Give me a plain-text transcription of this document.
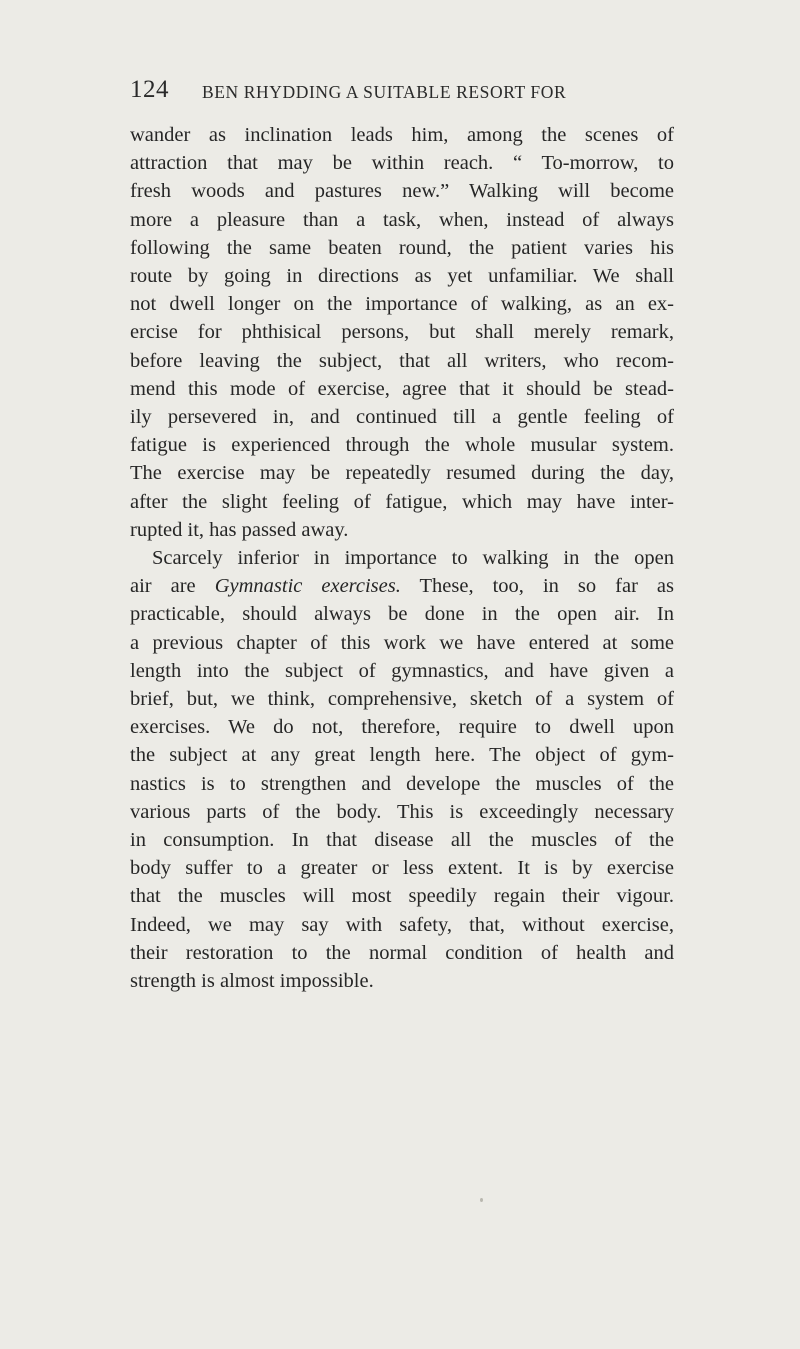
124 BEN RHYDDING A SUITABLE RESORT FOR
wander as inclination leads him, among the scenes of
attraction that may be within reach. “ To-morrow, to
fresh woods and pastures new.” Walking will become
more a pleasure than a task, when, instead of always
following the same beaten round, the patient varies his
route by going in directions as yet unfamiliar. We shall
not dwell longer on the importance of walking, as an ex-
ercise for phthisical persons, but shall merely remark,
before leaving the subject, that all writers, who recom-
mend this mode of exercise, agree that it should be stead-
ily persevered in, and continued till a gentle feeling of
fatigue is experienced through the whole musular system.
The exercise may be repeatedly resumed during the day,
after the slight feeling of fatigue, which may have inter-
rupted it, has passed away.
Scarcely inferior in importance to walking in the open
air are Gymnastic exercises. These, too, in so far as
practicable, should always be done in the open air. In
a previous chapter of this work we have entered at some
length into the subject of gymnastics, and have given a
brief, but, we think, comprehensive, sketch of a system of
exercises. We do not, therefore, require to dwell upon
the subject at any great length here. The object of gym-
nastics is to strengthen and develope the muscles of the
various parts of the body. This is exceedingly necessary
in consumption. In that disease all the muscles of the
body suffer to a greater or less extent. It is by exercise
that the muscles will most speedily regain their vigour.
Indeed, we may say with safety, that, without exercise,
their restoration to the normal condition of health and
strength is almost impossible.
